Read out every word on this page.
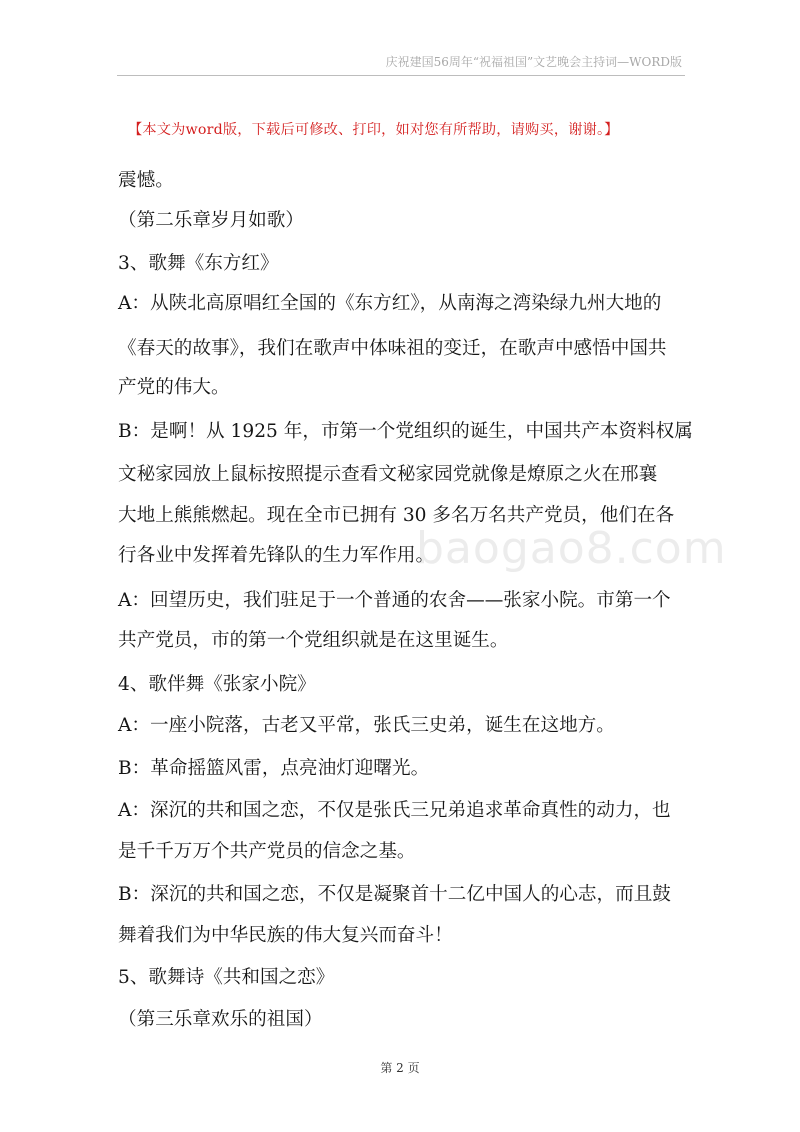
庆祝建国56周年“祝福祖国”文艺晚会主持词—WORD版
【本文为word版，下载后可修改、打印，如对您有所帮助，请购买，谢谢。】
baogao8.com
震憾。
（第二乐章岁月如歌）
3、歌舞《东方红》
A：从陕北高原唱红全国的《东方红》，从南海之湾染绿九州大地的
《春天的故事》，我们在歌声中体味祖的变迁，在歌声中感悟中国共
产党的伟大。
B：是啊！从 1925 年，市第一个党组织的诞生，中国共产本资料权属
文秘家园放上鼠标按照提示查看文秘家园党就像是燎原之火在邢襄
大地上熊熊燃起。现在全市已拥有 30 多名万名共产党员，他们在各
行各业中发挥着先锋队的生力军作用。
A：回望历史，我们驻足于一个普通的农舍——张家小院。市第一个
共产党员，市的第一个党组织就是在这里诞生。
4、歌伴舞《张家小院》
A：一座小院落，古老又平常，张氏三史弟，诞生在这地方。
B：革命摇篮风雷，点亮油灯迎曙光。
A：深沉的共和国之恋，不仅是张氏三兄弟追求革命真性的动力，也
是千千万万个共产党员的信念之基。
B：深沉的共和国之恋，不仅是凝聚首十二亿中国人的心志，而且鼓
舞着我们为中华民族的伟大复兴而奋斗！
5、歌舞诗《共和国之恋》
（第三乐章欢乐的祖国）
第 2 页
